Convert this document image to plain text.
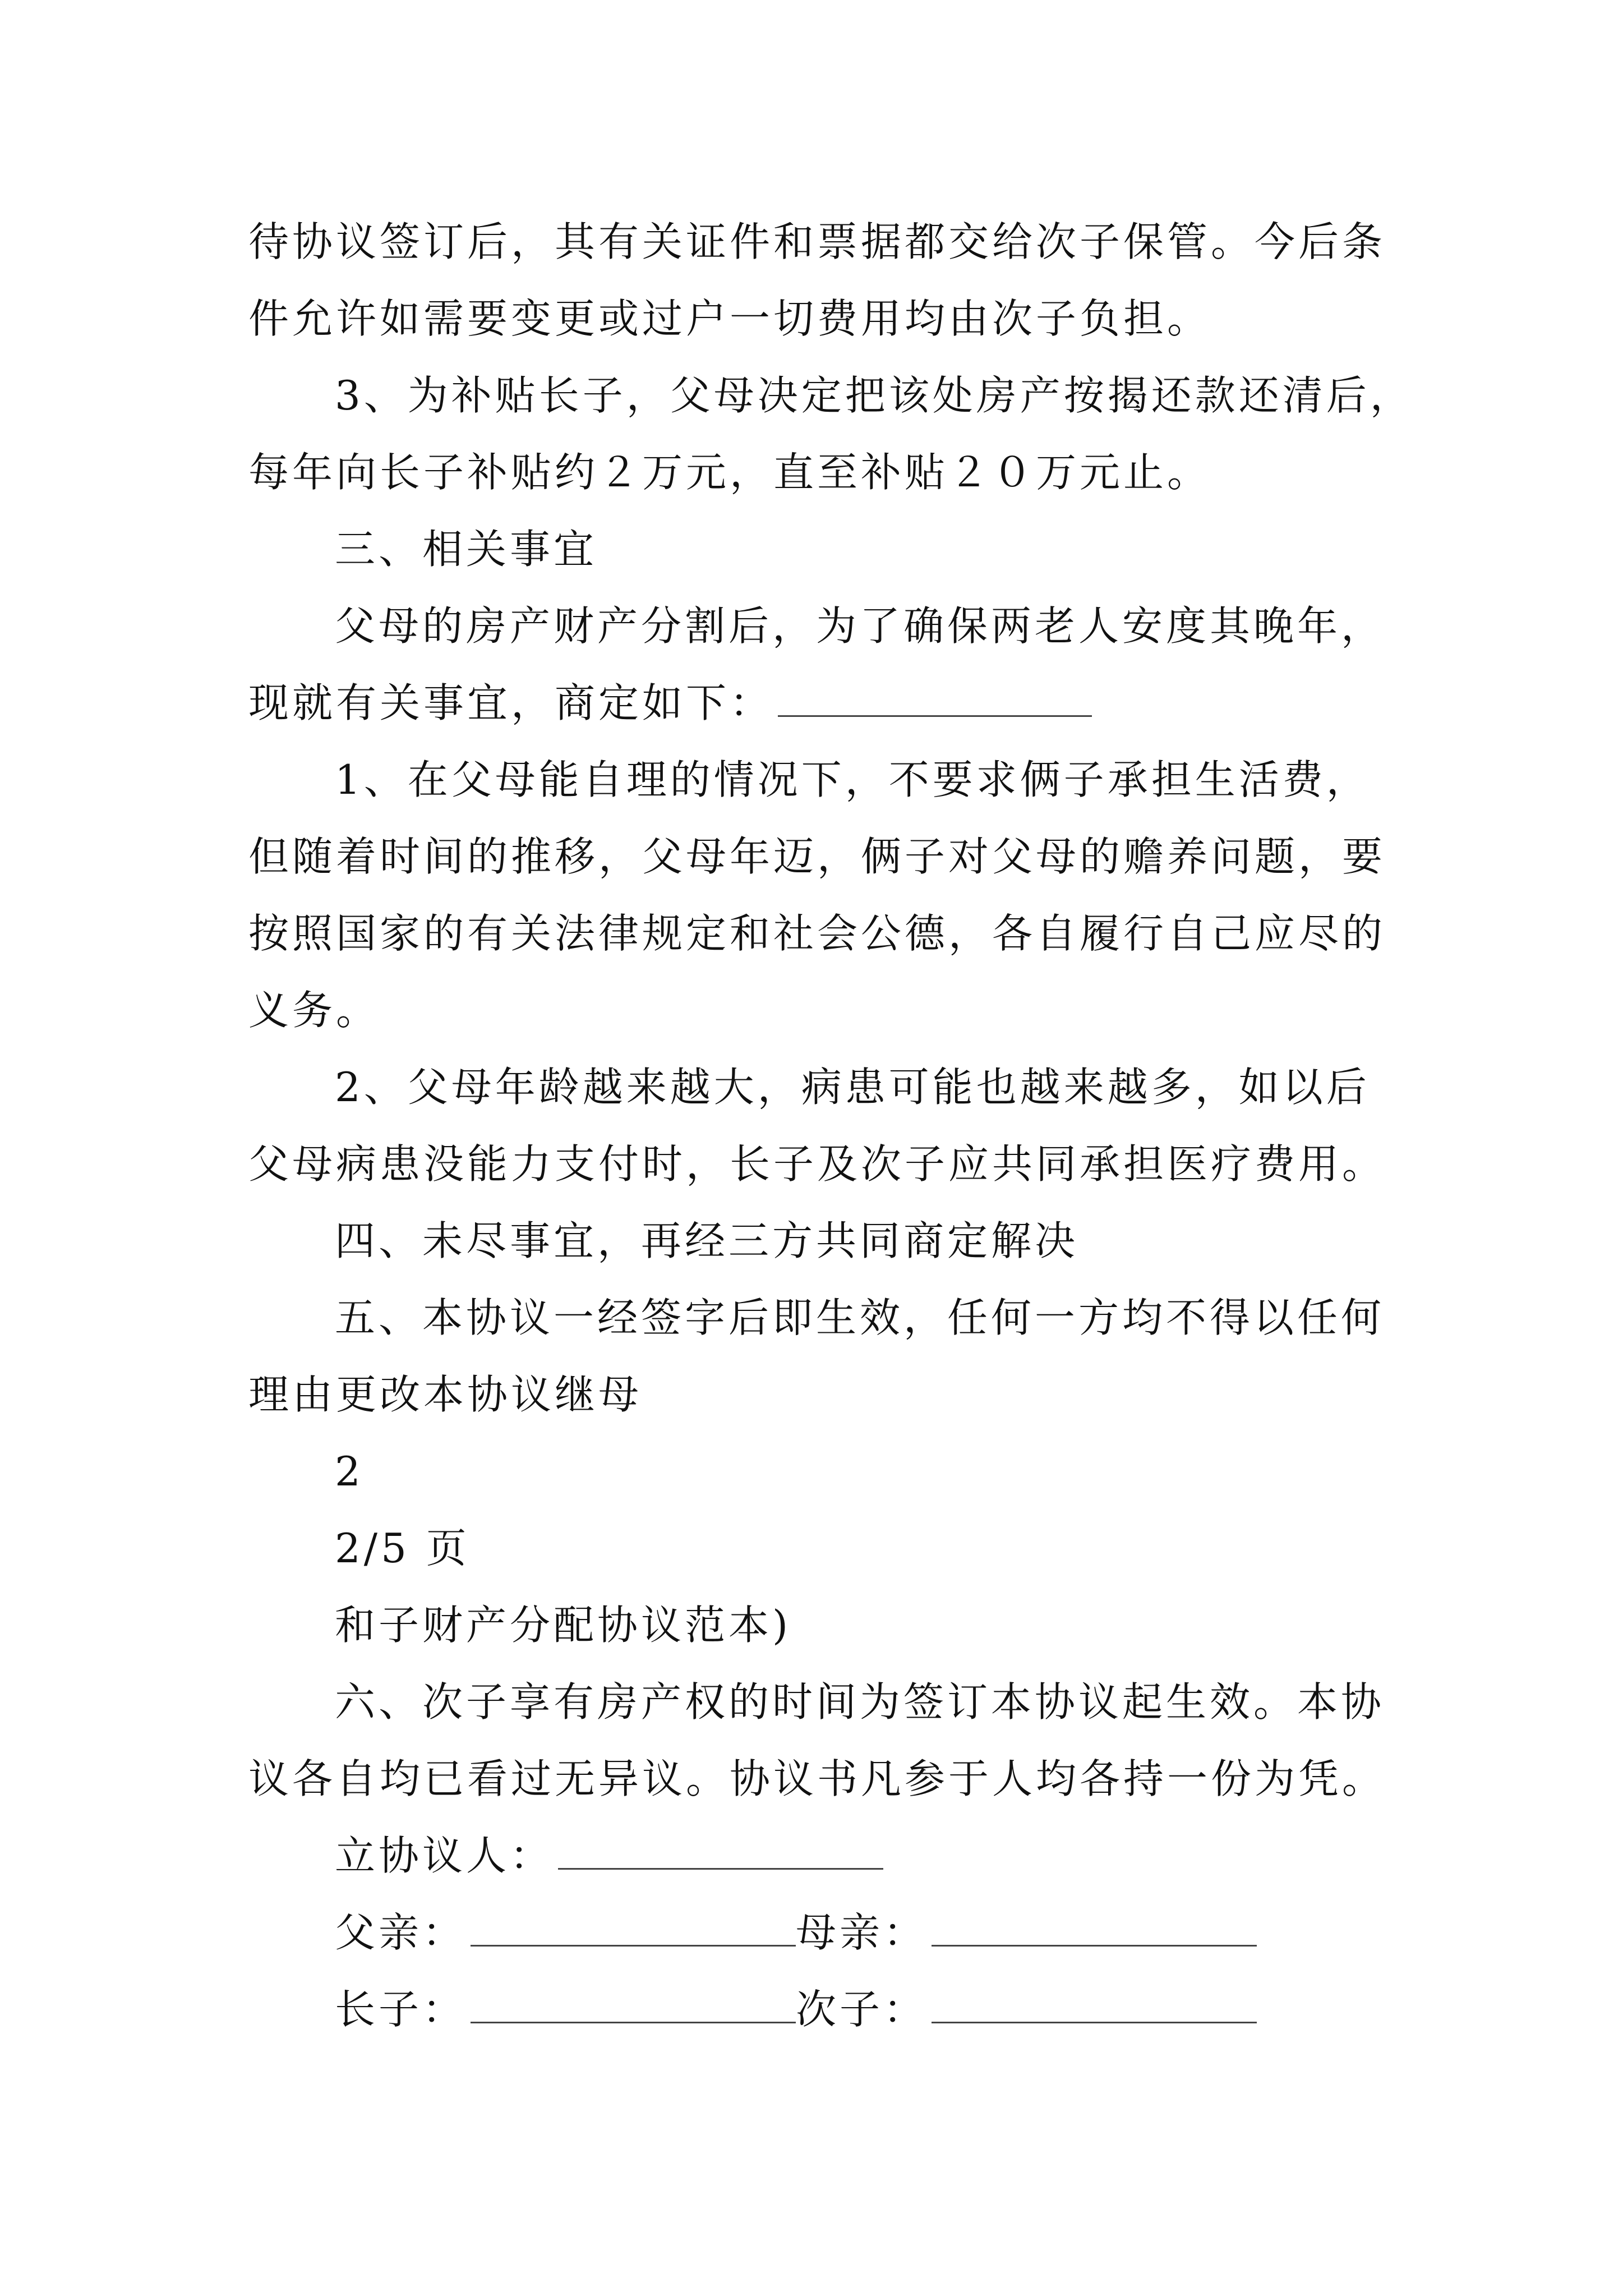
待协议签订后，其有关证件和票据都交给次子保管。今后条
件允许如需要变更或过户一切费用均由次子负担。
3、为补贴长子，父母决定把该处房产按揭还款还清后，
每年向长子补贴约２万元，直至补贴２０万元止。
三、相关事宜
父母的房产财产分割后，为了确保两老人安度其晚年，
现就有关事宜，商定如下：
1、在父母能自理的情况下，不要求俩子承担生活费，
但随着时间的推移，父母年迈，俩子对父母的赡养问题，要
按照国家的有关法律规定和社会公德，各自履行自己应尽的
义务。
2、父母年龄越来越大，病患可能也越来越多，如以后
父母病患没能力支付时，长子及次子应共同承担医疗费用。
四、未尽事宜，再经三方共同商定解决
五、本协议一经签字后即生效，任何一方均不得以任何
理由更改本协议继母
2
2/5 页
和子财产分配协议范本)
六、次子享有房产权的时间为签订本协议起生效。本协
议各自均已看过无异议。协议书凡参于人均各持一份为凭。
立协议人：
父亲：	母亲：
长子：	次子：
